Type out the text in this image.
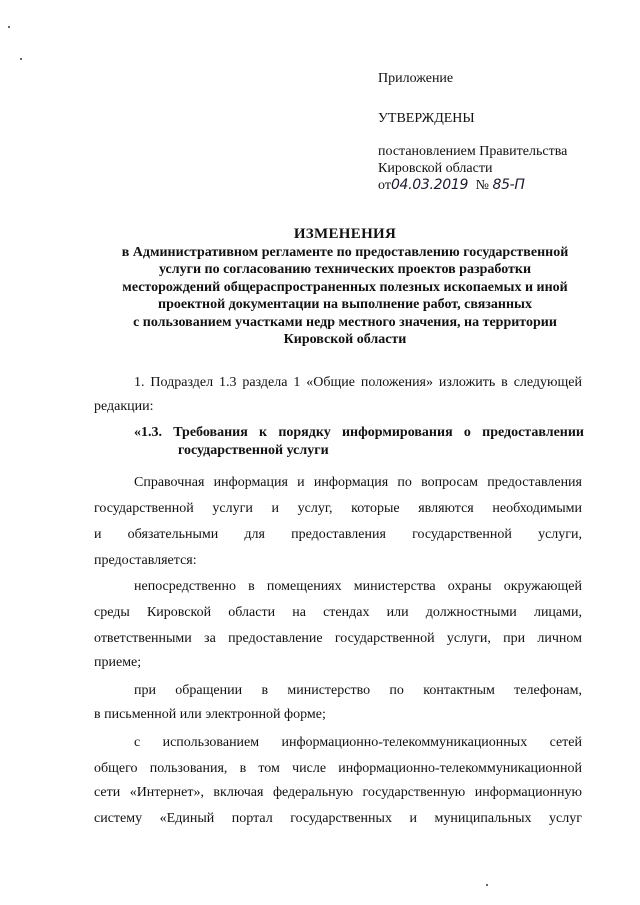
Приложение
УТВЕРЖДЕНЫ
постановлением Правительства
Кировской области
от04.03.2019 № 85-П
ИЗМЕНЕНИЯ
в Административном регламенте по предоставлению государственной
услуги по согласованию технических проектов разработки
месторождений общераспространенных полезных ископаемых и иной
проектной документации на выполнение работ, связанных
с пользованием участками недр местного значения, на территории
Кировской области
1. Подраздел 1.3 раздела 1 «Общие положения» изложить в следующей
редакции:
«1.3. Требования к порядку информирования о предоставлении
государственной услуги
Справочная информация и информация по вопросам предоставления
государственной услуги и услуг, которые являются необходимыми
и обязательными для предоставления государственной услуги,
предоставляется:
непосредственно в помещениях министерства охраны окружающей
среды Кировской области на стендах или должностными лицами,
ответственными за предоставление государственной услуги, при личном
приеме;
при обращении в министерство по контактным телефонам,
в письменной или электронной форме;
с использованием информационно-телекоммуникационных сетей
общего пользования, в том числе информационно-телекоммуникационной
сети «Интернет», включая федеральную государственную информационную
систему «Единый портал государственных и муниципальных услуг
